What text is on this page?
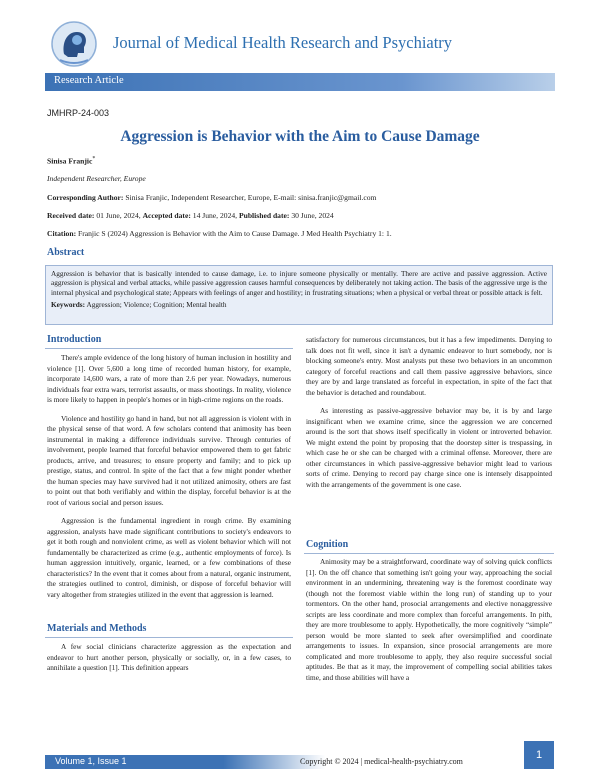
Journal of Medical Health Research and Psychiatry
Research Article
JMHRP-24-003
Aggression is Behavior with the Aim to Cause Damage
Sinisa Franjic*
Independent Researcher, Europe
Corresponding Author: Sinisa Franjic, Independent Researcher, Europe, E-mail: sinisa.franjic@gmail.com
Received date: 01 June, 2024, Accepted date: 14 June, 2024, Published date: 30 June, 2024
Citation: Franjic S (2024) Aggression is Behavior with the Aim to Cause Damage. J Med Health Psychiatry 1: 1.
Abstract

Aggression is behavior that is basically intended to cause damage, i.e. to injure someone physically or mentally. There are active and passive aggression. Active aggression is physical and verbal attacks, while passive aggression causes harmful consequences by deliberately not taking action. The basis of the aggressive urge is the internal physical and psychological state; Appears with feelings of anger and hostility; in frustrating situations; when a physical or verbal threat or possible attack is felt.

Keywords: Aggression; Violence; Cognition; Mental health

Introduction

There's ample evidence of the long history of human inclusion in hostility and violence [1]. Over 5,600 a long time of recorded human history, for example, incorporate 14,600 wars, a rate of more than 2.6 per year. Nowadays, numerous individuals fear extra wars, terrorist assaults, or mass shootings. In reality, violence is more likely to happen in people's homes or in high-crime regions on the roads.

Violence and hostility go hand in hand, but not all aggression is violent with in the physical sense of that word. A few scholars contend that animosity has been instrumental in making a difference individuals survive. Through centuries of involvement, people learned that forceful behavior empowered them to get fabric products, arrive, and treasures; to ensure property and family; and to pick up prestige, status, and control. In spite of the fact that a few might ponder whether the human species may have survived had it not utilized animosity, others are fast to point out that both verifiably and within the display, forceful behavior is at the root of various social and person issues.

Aggression is the fundamental ingredient in rough crime. By examining aggression, analysts have made significant contributions to society's endeavors to get it both rough and nonviolent crime, as well as violent behavior which will not fundamentally be characterized as crime (e.g., authentic employments of force). Is human aggression intuitively, organic, learned, or a few combinations of these characteristics? In the event that it comes about from a natural, organic instrument, the strategies outlined to control, diminish, or dispose of forceful behavior will vary altogether from strategies utilized in the event that aggression is learned.

Materials and Methods

A few social clinicians characterize aggression as the expectation and endeavor to hurt another person, physically or socially, or, in a few cases, to annihilate a question [1]. This definition appears

satisfactory for numerous circumstances, but it has a few impediments. Denying to talk does not fit well, since it isn't a dynamic endeavor to hurt somebody, nor is blocking someone's entry. Most analysts put these two behaviors in an uncommon category of forceful reactions and call them passive aggressive behaviors, since they are by and large translated as forceful in expectation, in spite of the fact that the behavior is detached and roundabout.

As interesting as passive-aggressive behavior may be, it is by and large insignificant when we examine crime, since the aggression we are concerned around is the sort that shows itself specifically in violent or introverted behavior. We might extend the point by proposing that the doorstep sitter is trespassing, in which case he or she can be charged with a criminal offense. Moreover, there are other circumstances in which passive-aggressive behavior might lead to various sorts of crime. Denying to record pay charge since one is intensely disappointed with the arrangements of the government is one case.

Cognition

Animosity may be a straightforward, coordinate way of solving quick conflicts [1]. On the off chance that something isn't going your way, approaching the social environment in an undermining, threatening way is the foremost coordinate way (though not the foremost viable within the long run) of standing up to your tormentors. On the other hand, prosocial arrangements and elective nonaggressive scripts are less coordinate and more complex than forceful arrangements. In pith, they are more troublesome to apply. Hypothetically, the more cognitively “simple” person would be more slanted to seek after oversimplified and coordinate arrangements to issues. In expansion, since prosocial arrangements are more complicated and more troublesome to apply, they also require successful social aptitudes. Be that as it may, the improvement of compelling social abilities takes time, and those abilities will have a

Volume 1, Issue 1	Copyright © 2024 | medical-health-psychiatry.com
1
